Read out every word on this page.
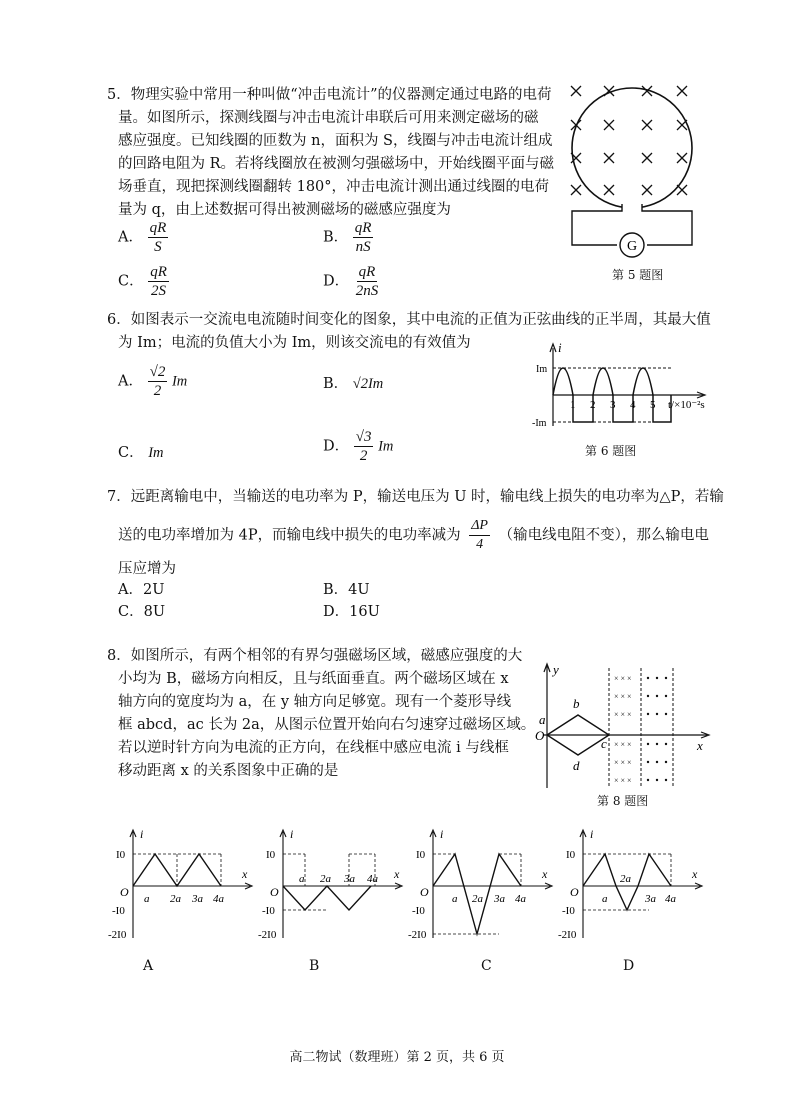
5．物理实验中常用一种叫做“冲击电流计”的仪器测定通过电路的电荷
量。如图所示，探测线圈与冲击电流计串联后可用来测定磁场的磁
感应强度。已知线圈的匝数为 n，面积为 S，线圈与冲击电流计组成
的回路电阻为 R。若将线圈放在被测匀强磁场中，开始线圈平面与磁
场垂直，现把探测线圈翻转 180°，冲击电流计测出通过线圈的电荷
量为 q，由上述数据可得出被测磁场的磁感应强度为
A． $\frac{qR}{S}$	B． $\frac{qR}{nS}$
C． $\frac{qR}{2S}$	D． $\frac{qR}{2nS}$
G
第 5 题图
6．如图表示一交流电电流随时间变化的图象，其中电流的正值为正弦曲线的正半周，其最大值
为 Im；电流的负值大小为 Im，则该交流电的有效值为
A． $\frac{√2}{2}$ Im	B． √2Im
C． Im	D． $\frac{√3}{2}$ Im
i
Im
-Im
1 2 3 4 5 t/×10⁻²s
第 6 题图
7．远距离输电中，当输送的电功率为 P，输送电压为 U 时，输电线上损失的电功率为△P，若输
送的电功率增加为 4P，而输电线中损失的电功率减为 $\frac{\Delta P}{4}$ （输电线电阻不变），那么输电电
压应增为
A．2U	B．4U
C．8U	D．16U
8．如图所示，有两个相邻的有界匀强磁场区域，磁感应强度的大
小均为 B，磁场方向相反，且与纸面垂直。两个磁场区域在 x
轴方向的宽度均为 a，在 y 轴方向足够宽。现有一个菱形导线
框 abcd，ac 长为 2a，从图示位置开始向右匀速穿过磁场区域。
若以逆时针方向为电流的正方向，在线框中感应电流 i 与线框
移动距离 x 的关系图象中正确的是
y
x
O
a
b
c
d
× × ×
× × ×
× × ×
× × ×
× × ×
× × ×
第 8 题图
i
x
O
I0
-I0
-2I0
a 2a 3a 4a
i
x
O
I0
-I0
-2I0
a 2a 3a 4a
i
x
O
I0
-I0
-2I0
a 2a 3a 4a
i
x
O
I0
-I0
-2I0
a
2a
3a 4a
A	B	C	D
高二物试（数理班）第 2 页，共 6 页
